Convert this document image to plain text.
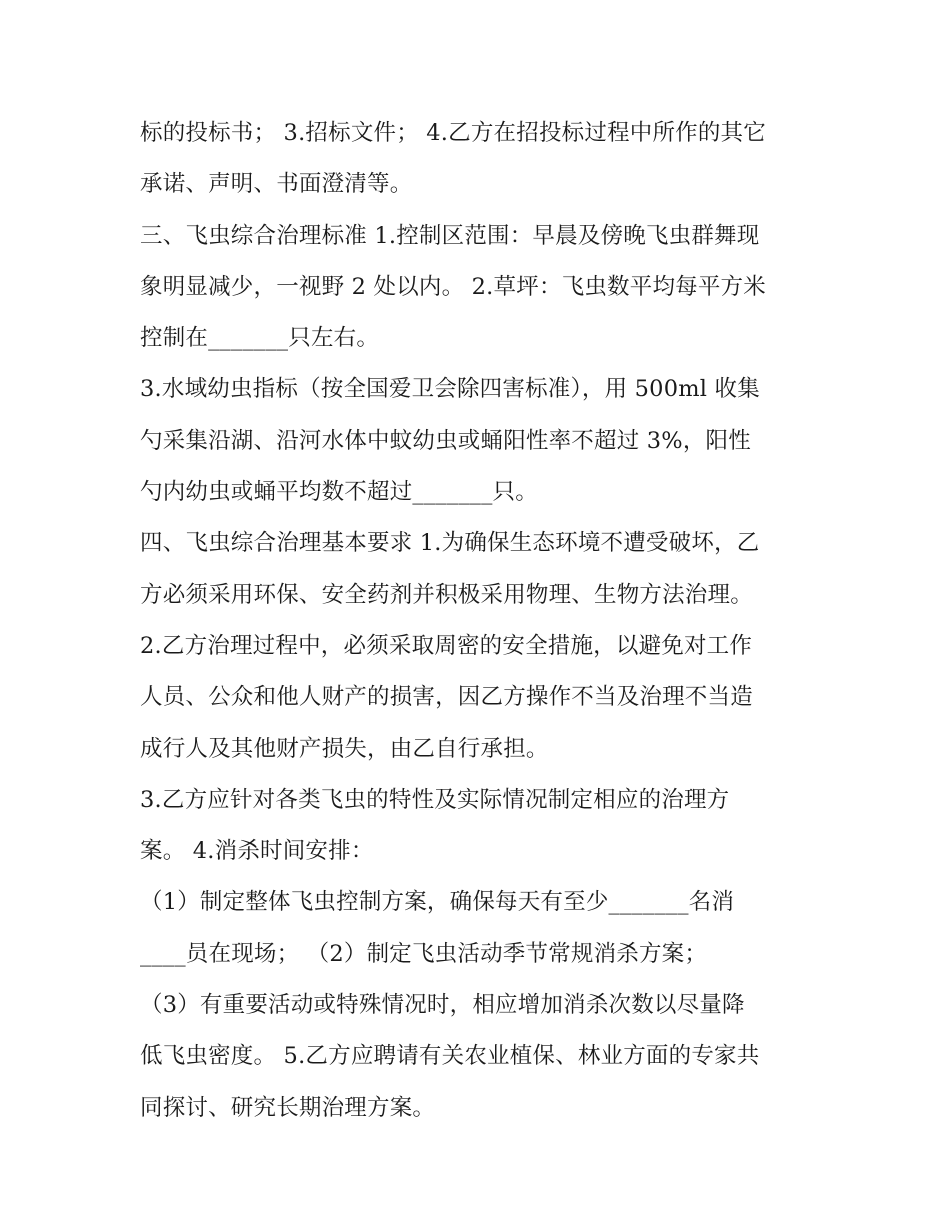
标的投标书； 3.招标文件； 4.乙方在招投标过程中所作的其它
承诺、声明、书面澄清等。
三、飞虫综合治理标准 1.控制区范围：早晨及傍晚飞虫群舞现
象明显减少，一视野 2 处以内。 2.草坪：飞虫数平均每平方米
控制在_______只左右。
3.水域幼虫指标（按全国爱卫会除四害标准），用 500ml 收集
勺采集沿湖、沿河水体中蚊幼虫或蛹阳性率不超过 3%，阳性
勺内幼虫或蛹平均数不超过_______只。
四、飞虫综合治理基本要求 1.为确保生态环境不遭受破坏，乙
方必须采用环保、安全药剂并积极采用物理、生物方法治理。
2.乙方治理过程中，必须采取周密的安全措施，以避免对工作
人员、公众和他人财产的损害，因乙方操作不当及治理不当造
成行人及其他财产损失，由乙自行承担。
3.乙方应针对各类飞虫的特性及实际情况制定相应的治理方
案。 4.消杀时间安排：
（1）制定整体飞虫控制方案，确保每天有至少_______名消
____员在现场； （2）制定飞虫活动季节常规消杀方案；
（3）有重要活动或特殊情况时，相应增加消杀次数以尽量降
低飞虫密度。 5.乙方应聘请有关农业植保、林业方面的专家共
同探讨、研究长期治理方案。
